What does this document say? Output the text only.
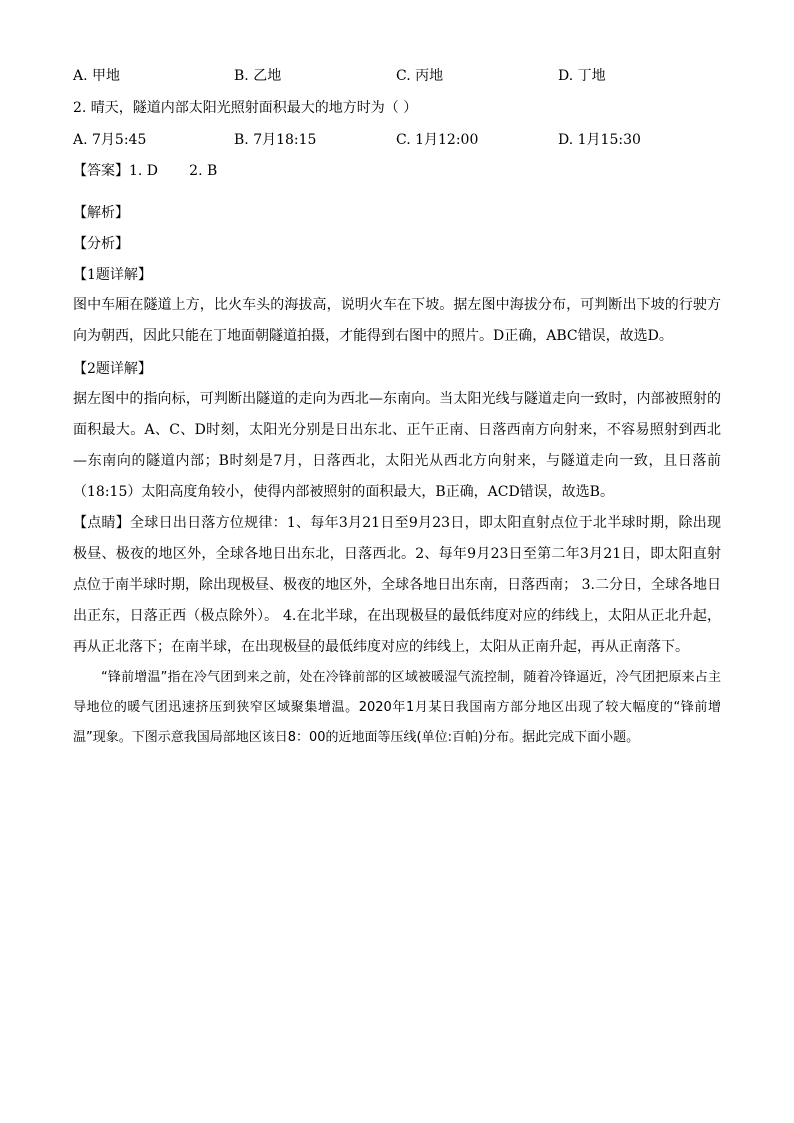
A. 甲地	B. 乙地	C. 丙地	D. 丁地
2. 晴天，隧道内部太阳光照射面积最大的地方时为（ ）
A. 7月5:45	B. 7月18:15	C. 1月12:00	D. 1月15:30
【答案】1. D       2. B
【解析】
【分析】
【1题详解】
图中车厢在隧道上方，比火车头的海拔高，说明火车在下坡。据左图中海拔分布，可判断出下坡的行驶方向为朝西，因此只能在丁地面朝隧道拍摄，才能得到右图中的照片。D正确，ABC错误，故选D。
【2题详解】
据左图中的指向标，可判断出隧道的走向为西北—东南向。当太阳光线与隧道走向一致时，内部被照射的面积最大。A、C、D时刻，太阳光分别是日出东北、正午正南、日落西南方向射来，不容易照射到西北—东南向的隧道内部；B时刻是7月，日落西北，太阳光从西北方向射来，与隧道走向一致，且日落前（18:15）太阳高度角较小，使得内部被照射的面积最大，B正确，ACD错误，故选B。
【点睛】全球日出日落方位规律：1、每年3月21日至9月23日，即太阳直射点位于北半球时期，除出现极昼、极夜的地区外，全球各地日出东北，日落西北。2、每年9月23日至第二年3月21日，即太阳直射点位于南半球时期，除出现极昼、极夜的地区外，全球各地日出东南，日落西南； 3.二分日，全球各地日出正东，日落正西（极点除外）。 4.在北半球，在出现极昼的最低纬度对应的纬线上，太阳从正北升起，再从正北落下；在南半球，在出现极昼的最低纬度对应的纬线上，太阳从正南升起，再从正南落下。
“锋前增温”指在冷气团到来之前，处在冷锋前部的区域被暖湿气流控制，随着冷锋逼近，冷气团把原来占主导地位的暖气团迅速挤压到狭窄区域聚集增温。2020年1月某日我国南方部分地区出现了较大幅度的“锋前增温”现象。下图示意我国局部地区该日8：00的近地面等压线(单位:百帕)分布。据此完成下面小题。
